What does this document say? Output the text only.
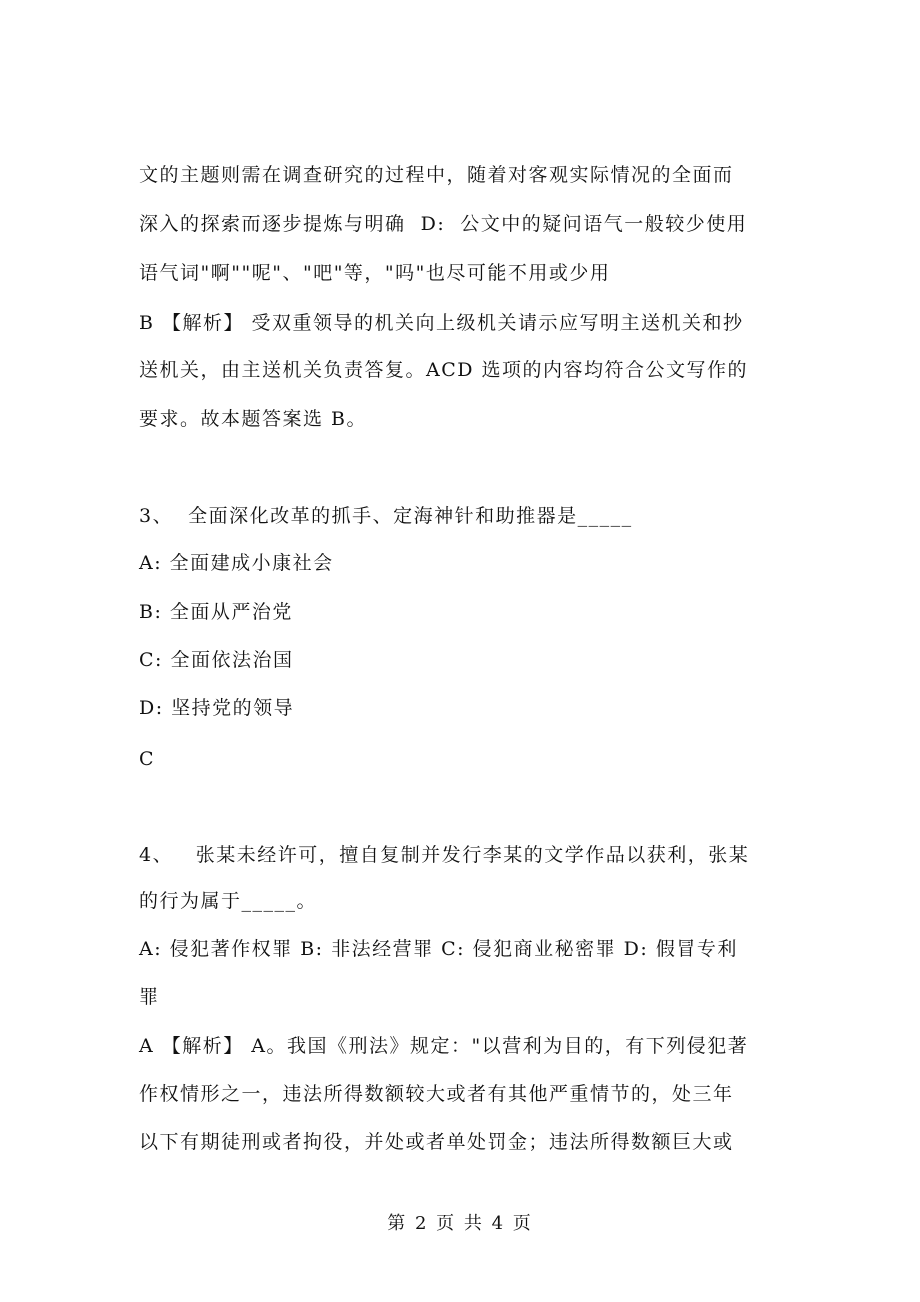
文的主题则需在调查研究的过程中，随着对客观实际情况的全面而

深入的探索而逐步提炼与明确  D:  公文中的疑问语气一般较少使用

语气词"啊""呢"、"吧"等，"吗"也尽可能不用或少用

B 【解析】 受双重领导的机关向上级机关请示应写明主送机关和抄

送机关，由主送机关负责答复。ACD 选项的内容均符合公文写作的

要求。故本题答案选 B。

3、  全面深化改革的抓手、定海神针和助推器是_____

A: 全面建成小康社会

B: 全面从严治党

C: 全面依法治国

D: 坚持党的领导

C

4、   张某未经许可，擅自复制并发行李某的文学作品以获利，张某

的行为属于_____。

A: 侵犯著作权罪 B: 非法经营罪 C: 侵犯商业秘密罪 D: 假冒专利

罪

A 【解析】 A。我国《刑法》规定："以营利为目的，有下列侵犯著

作权情形之一，违法所得数额较大或者有其他严重情节的，处三年

以下有期徒刑或者拘役，并处或者单处罚金；违法所得数额巨大或

第 2 页 共 4 页
